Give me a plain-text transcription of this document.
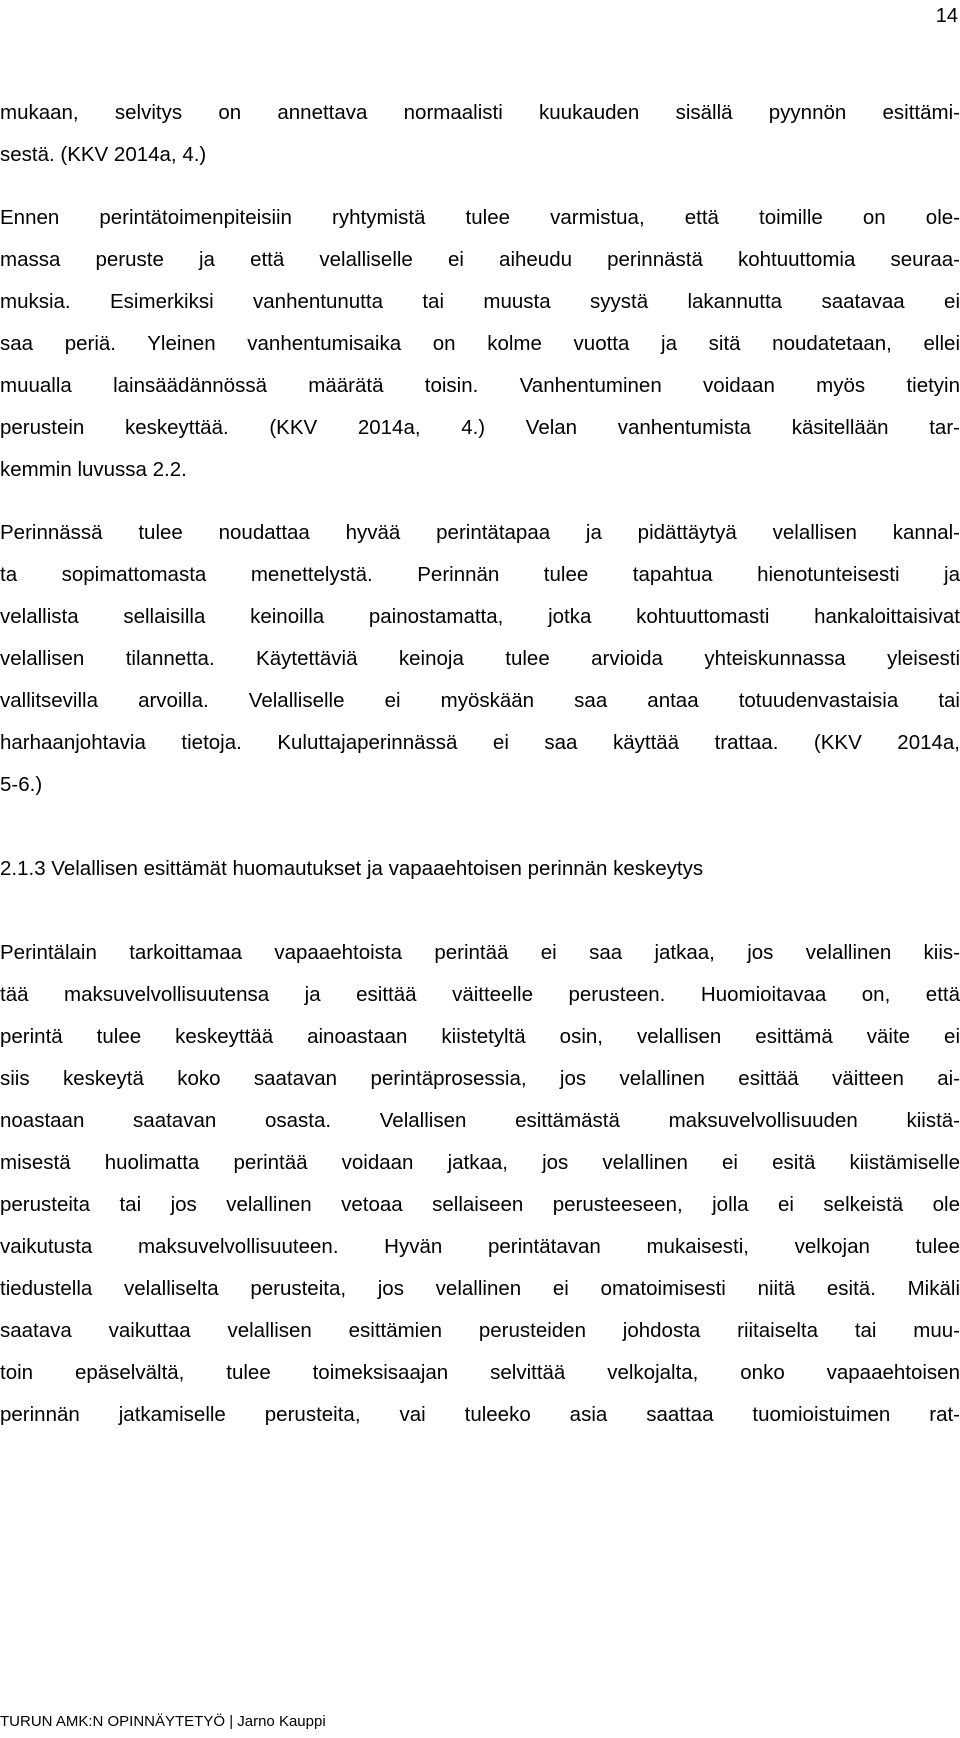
14
mukaan, selvitys on annettava normaalisti kuukauden sisällä pyynnön esittämi-
sestä. (KKV 2014a, 4.)
Ennen perintätoimenpiteisiin ryhtymistä tulee varmistua, että toimille on ole-
massa peruste ja että velalliselle ei aiheudu perinnästä kohtuuttomia seuraa-
muksia. Esimerkiksi vanhentunutta tai muusta syystä lakannutta saatavaa ei
saa periä. Yleinen vanhentumisaika on kolme vuotta ja sitä noudatetaan, ellei
muualla lainsäädännössä määrätä toisin. Vanhentuminen voidaan myös tietyin
perustein keskeyttää. (KKV 2014a, 4.) Velan vanhentumista käsitellään tar-
kemmin luvussa 2.2.
Perinnässä tulee noudattaa hyvää perintätapaa ja pidättäytyä velallisen kannal-
ta sopimattomasta menettelystä. Perinnän tulee tapahtua hienotunteisesti ja
velallista sellaisilla keinoilla painostamatta, jotka kohtuuttomasti hankaloittaisivat
velallisen tilannetta. Käytettäviä keinoja tulee arvioida yhteiskunnassa yleisesti
vallitsevilla arvoilla. Velalliselle ei myöskään saa antaa totuudenvastaisia tai
harhaanjohtavia tietoja. Kuluttajaperinnässä ei saa käyttää trattaa. (KKV 2014a,
5-6.)
2.1.3 Velallisen esittämät huomautukset ja vapaaehtoisen perinnän keskeytys
Perintälain tarkoittamaa vapaaehtoista perintää ei saa jatkaa, jos velallinen kiis-
tää maksuvelvollisuutensa ja esittää väitteelle perusteen. Huomioitavaa on, että
perintä tulee keskeyttää ainoastaan kiistetyltä osin, velallisen esittämä väite ei
siis keskeytä koko saatavan perintäprosessia, jos velallinen esittää väitteen ai-
noastaan saatavan osasta. Velallisen esittämästä maksuvelvollisuuden kiistä-
misestä huolimatta perintää voidaan jatkaa, jos velallinen ei esitä kiistämiselle
perusteita tai jos velallinen vetoaa sellaiseen perusteeseen, jolla ei selkeistä ole
vaikutusta maksuvelvollisuuteen. Hyvän perintätavan mukaisesti, velkojan tulee
tiedustella velalliselta perusteita, jos velallinen ei omatoimisesti niitä esitä. Mikäli
saatava vaikuttaa velallisen esittämien perusteiden johdosta riitaiselta tai muu-
toin epäselvältä, tulee toimeksisaajan selvittää velkojalta, onko vapaaehtoisen
perinnän jatkamiselle perusteita, vai tuleeko asia saattaa tuomioistuimen rat-
TURUN AMK:N OPINNÄYTETYÖ | Jarno Kauppi
